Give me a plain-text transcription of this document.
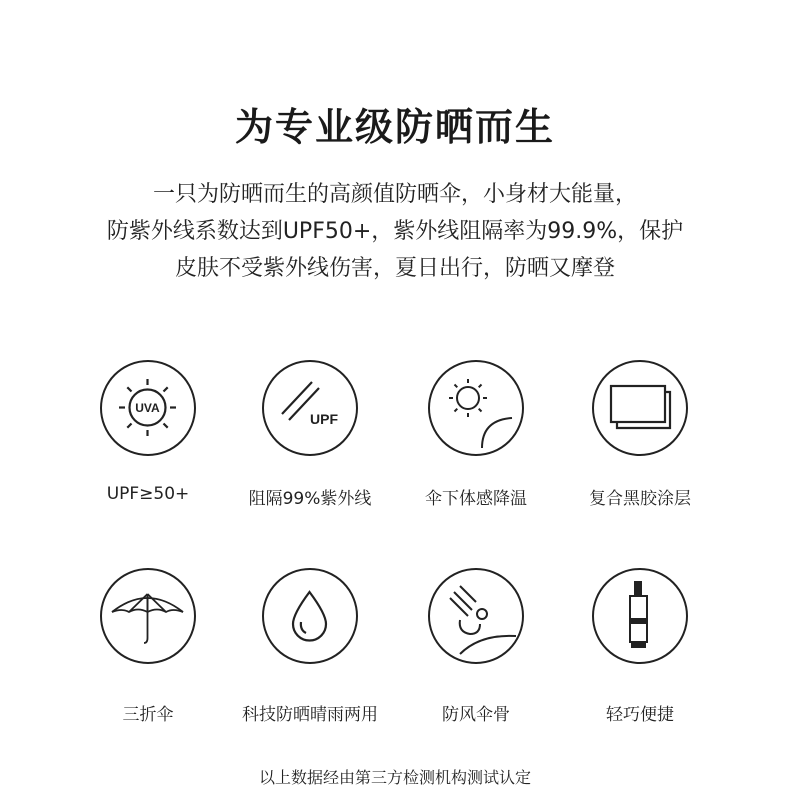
为专业级防晒而生
一只为防晒而生的高颜值防晒伞，小身材大能量，
防紫外线系数达到UPF50+，紫外线阻隔率为99.9%，保护
皮肤不受紫外线伤害，夏日出行，防晒又摩登
UVA
UPF≥50+
UPF
阻隔99%紫外线	伞下体感降温	复合黑胶涂层
三折伞	科技防晒晴雨两用	防风伞骨	轻巧便捷
以上数据经由第三方检测机构测试认定
